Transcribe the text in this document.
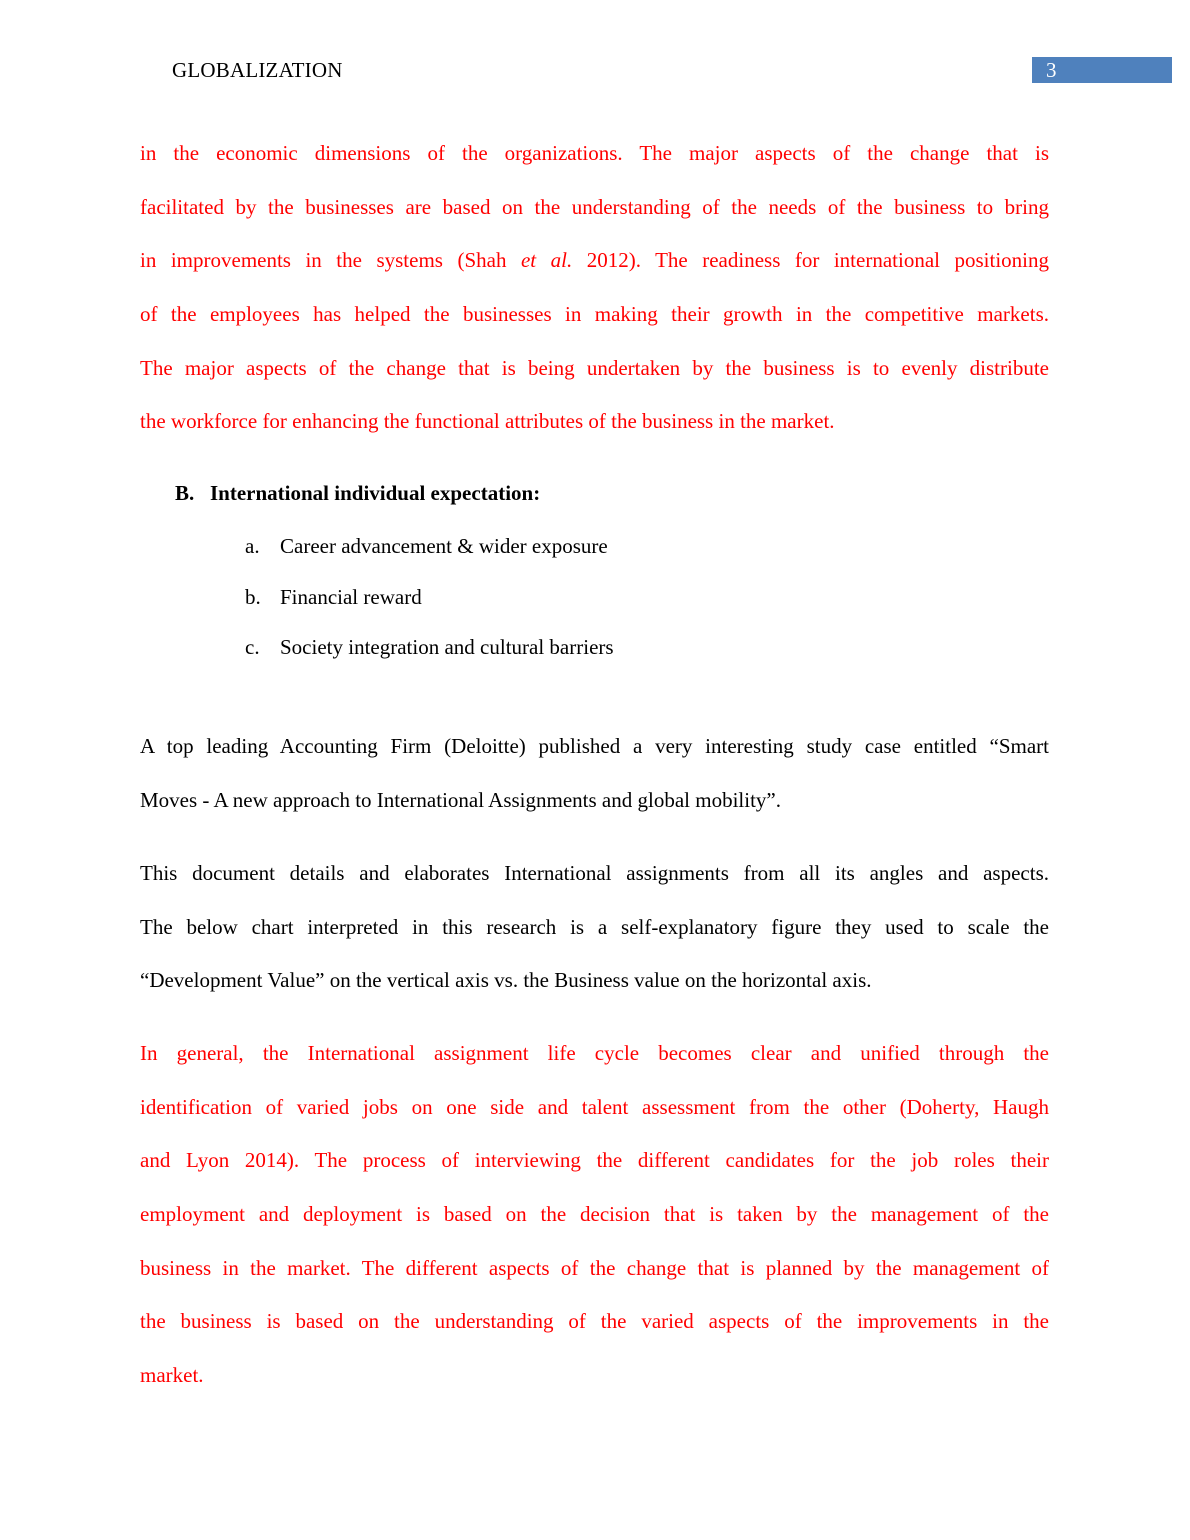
GLOBALIZATION	3
in the economic dimensions of the organizations. The major aspects of the change that is
facilitated by the businesses are based on the understanding of the needs of the business to bring
in improvements in the systems (Shah et al. 2012). The readiness for international positioning
of the employees has helped the businesses in making their growth in the competitive markets.
The major aspects of the change that is being undertaken by the business is to evenly distribute
the workforce for enhancing the functional attributes of the business in the market.
B. International individual expectation:
a. Career advancement & wider exposure
b. Financial reward
c. Society integration and cultural barriers
A top leading Accounting Firm (Deloitte) published a very interesting study case entitled “Smart
Moves - A new approach to International Assignments and global mobility”.
This document details and elaborates International assignments from all its angles and aspects.
The below chart interpreted in this research is a self-explanatory figure they used to scale the
“Development Value” on the vertical axis vs. the Business value on the horizontal axis.
In general, the International assignment life cycle becomes clear and unified through the
identification of varied jobs on one side and talent assessment from the other (Doherty, Haugh
and Lyon 2014). The process of interviewing the different candidates for the job roles their
employment and deployment is based on the decision that is taken by the management of the
business in the market. The different aspects of the change that is planned by the management of
the business is based on the understanding of the varied aspects of the improvements in the
market.
